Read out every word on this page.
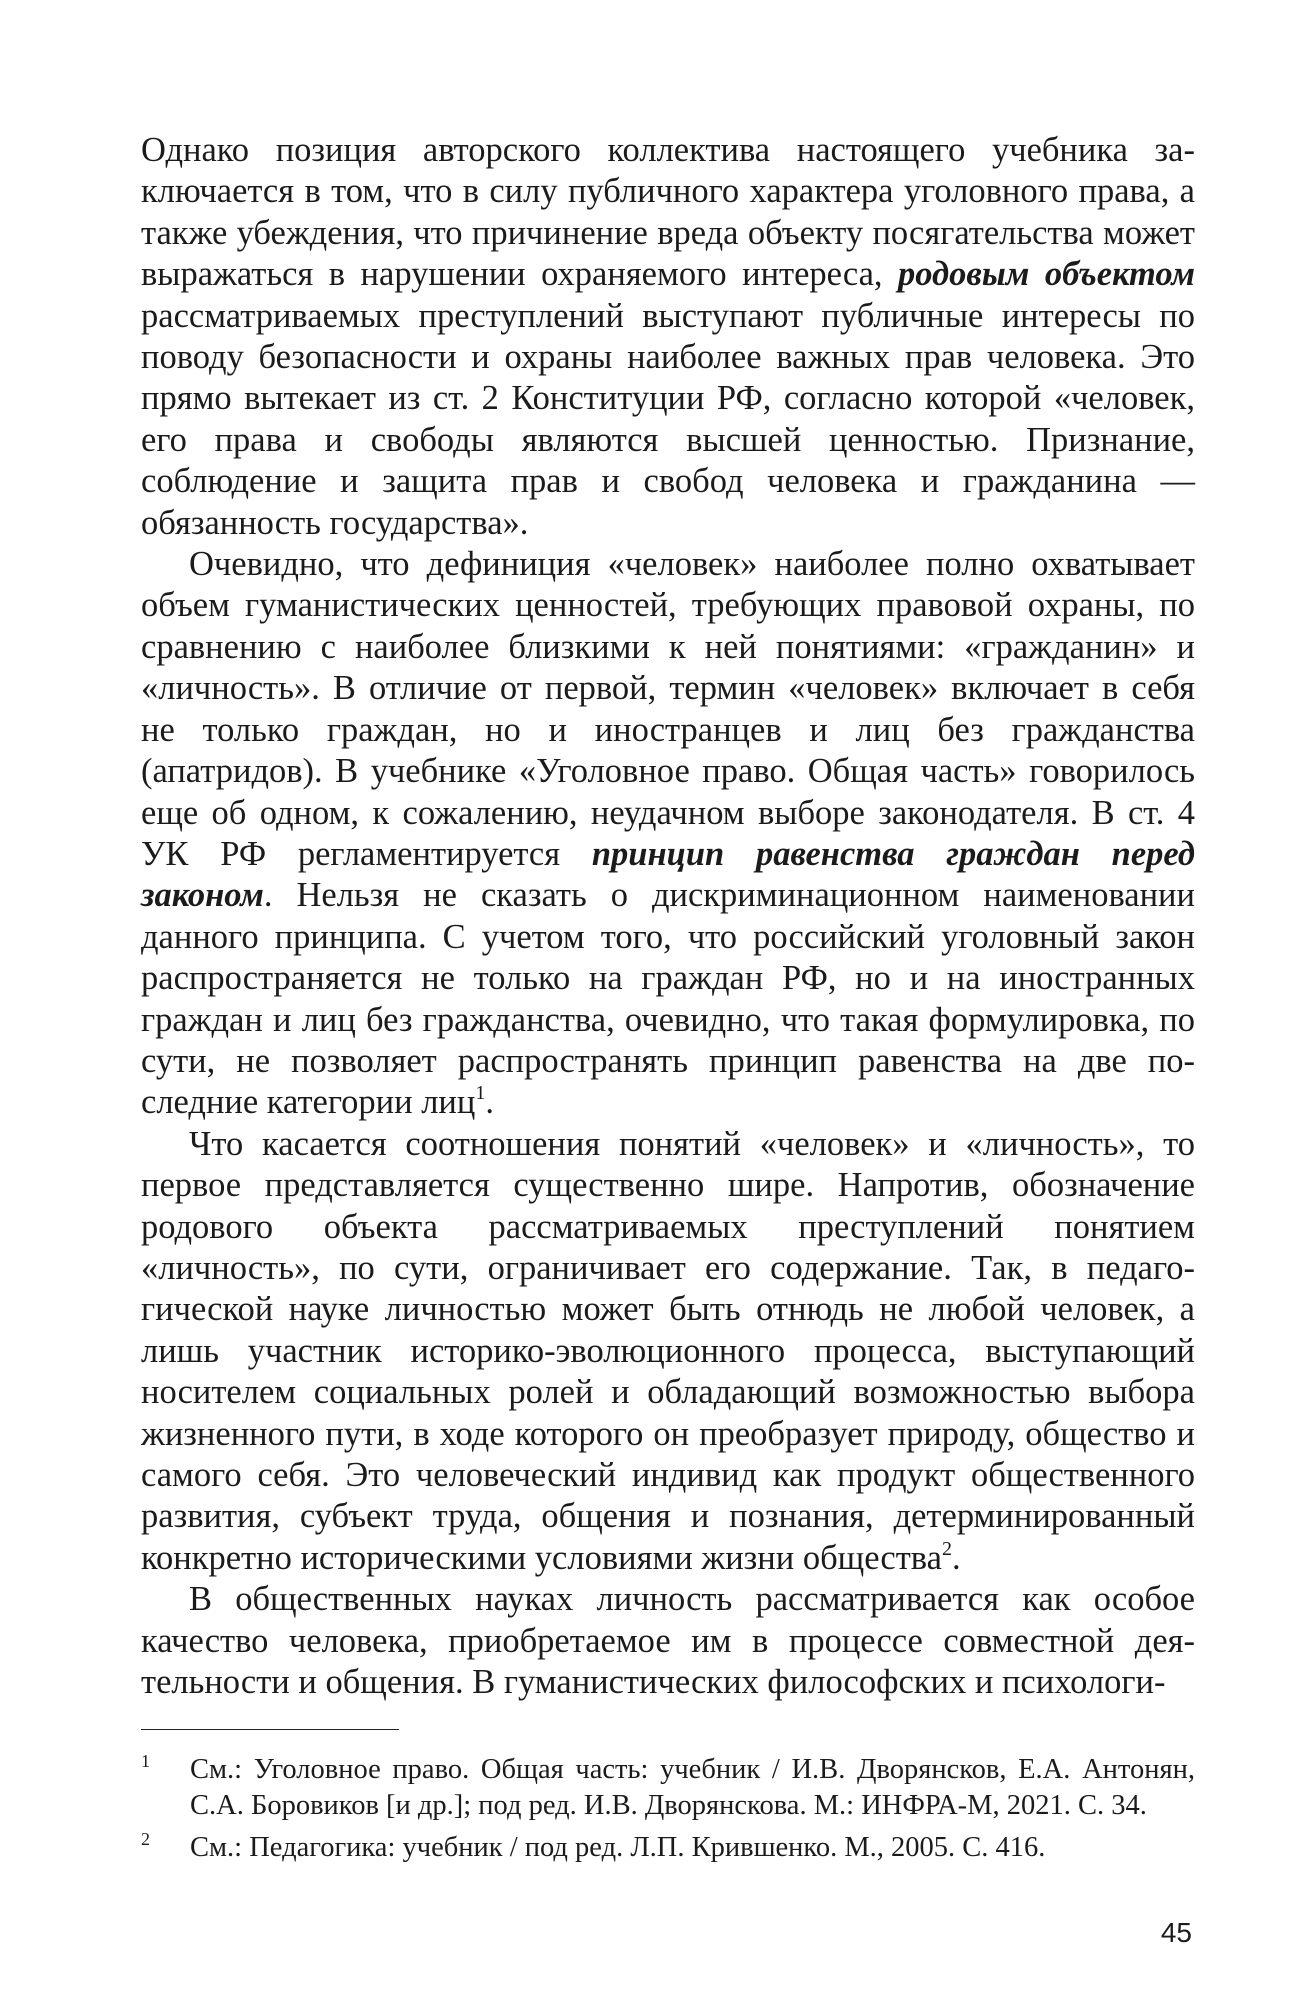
Однако позиция авторского коллектива настоящего учебника заключается в том, что в силу публичного характера уголовного права, а также убеждения, что причинение вреда объекту посягательства может выражаться в нарушении охраняемого интереса, родовым объектом рассматриваемых преступлений выступают публичные интересы по поводу безопасности и охраны наиболее важных прав человека. Это прямо вытекает из ст. 2 Конституции РФ, согласно которой «человек, его права и свободы являются высшей ценностью. Признание, соблюдение и защита прав и свобод человека и гражданина — обязанность государства».

Очевидно, что дефиниция «человек» наиболее полно охватывает объем гуманистических ценностей, требующих правовой охраны, по сравнению с наиболее близкими к ней понятиями: «гражданин» и «личность». В отличие от первой, термин «человек» включает в себя не только граждан, но и иностранцев и лиц без гражданства (апатридов). В учебнике «Уголовное право. Общая часть» говорилось еще об одном, к сожалению, неудачном выборе законодателя. В ст. 4 УК РФ регламентируется принцип равенства граждан перед законом. Нельзя не сказать о дискриминационном наименовании данного принципа. С учетом того, что российский уголовный закон распространяется не только на граждан РФ, но и на иностранных граждан и лиц без гражданства, очевидно, что такая формулировка, по сути, не позволяет распространять принцип равенства на две последние категории лиц$^1$.

Что касается соотношения понятий «человек» и «личность», то первое представляется существенно шире. Напротив, обозначение родового объекта рассматриваемых преступлений понятием «личность», по сути, ограничивает его содержание. Так, в педагогической науке личностью может быть отнюдь не любой человек, а лишь участник историко-эволюционного процесса, выступающий носителем социальных ролей и обладающий возможностью выбора жизненного пути, в ходе которого он преобразует природу, общество и самого себя. Это человеческий индивид как продукт общественного развития, субъект труда, общения и познания, детерминированный конкретно историческими условиями жизни общества$^2$.

В общественных науках личность рассматривается как особое качество человека, приобретаемое им в процессе совместной деятельности и общения. В гуманистических философских и психологи-

1 См.: Уголовное право. Общая часть: учебник / И.В. Дворянсков, Е.А. Антонян, С.А. Боровиков [и др.]; под ред. И.В. Дворянскова. М.: ИНФРА-М, 2021. С. 34.
2 См.: Педагогика: учебник / под ред. Л.П. Крившенко. М., 2005. С. 416.
45
